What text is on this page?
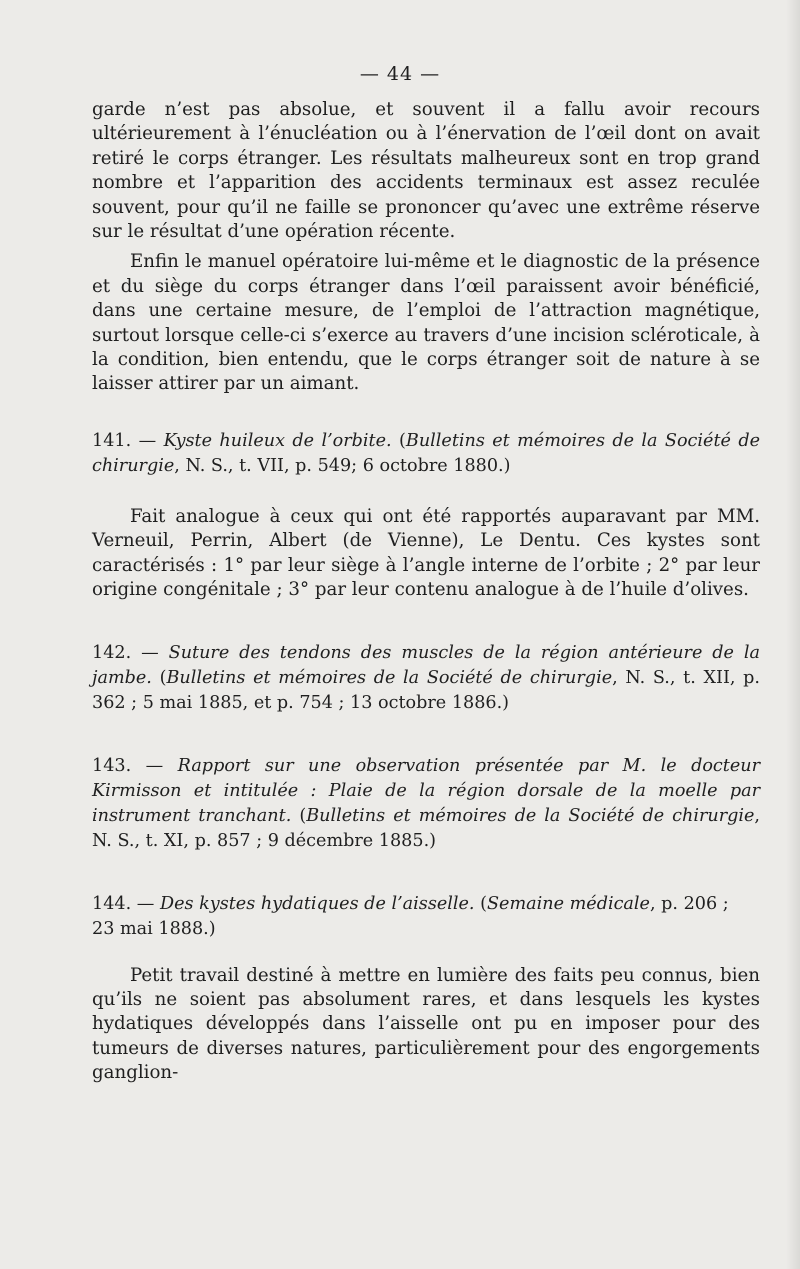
— 44 —

garde n’est pas absolue, et souvent il a fallu avoir recours ultérieurement à l’énucléation ou à l’énervation de l’œil dont on avait retiré le corps étranger. Les résultats malheureux sont en trop grand nombre et l’apparition des accidents terminaux est assez reculée souvent, pour qu’il ne faille se prononcer qu’avec une extrême réserve sur le résultat d’une opération récente.

Enfin le manuel opératoire lui-même et le diagnostic de la présence et du siège du corps étranger dans l’œil paraissent avoir bénéficié, dans une certaine mesure, de l’emploi de l’attraction magnétique, surtout lorsque celle-ci s’exerce au travers d’une incision scléroticale, à la condition, bien entendu, que le corps étranger soit de nature à se laisser attirer par un aimant.

141. — Kyste huileux de l’orbite. (Bulletins et mémoires de la Société de chirurgie, N. S., t. VII, p. 549; 6 octobre 1880.)

Fait analogue à ceux qui ont été rapportés auparavant par MM. Verneuil, Perrin, Albert (de Vienne), Le Dentu. Ces kystes sont caractérisés : 1° par leur siège à l’angle interne de l’orbite ; 2° par leur origine congénitale ; 3° par leur contenu analogue à de l’huile d’olives.

142. — Suture des tendons des muscles de la région antérieure de la jambe. (Bulletins et mémoires de la Société de chirurgie, N. S., t. XII, p. 362 ; 5 mai 1885, et p. 754 ; 13 octobre 1886.)

143. — Rapport sur une observation présentée par M. le docteur Kirmisson et intitulée : Plaie de la région dorsale de la moelle par instrument tranchant. (Bulletins et mémoires de la Société de chirurgie, N. S., t. XI, p. 857 ; 9 décembre 1885.)

144. — Des kystes hydatiques de l’aisselle. (Semaine médicale, p. 206 ;
23 mai 1888.)

Petit travail destiné à mettre en lumière des faits peu connus, bien qu’ils ne soient pas absolument rares, et dans lesquels les kystes hydatiques développés dans l’aisselle ont pu en imposer pour des tumeurs de diverses natures, particulièrement pour des engorgements ganglion-
